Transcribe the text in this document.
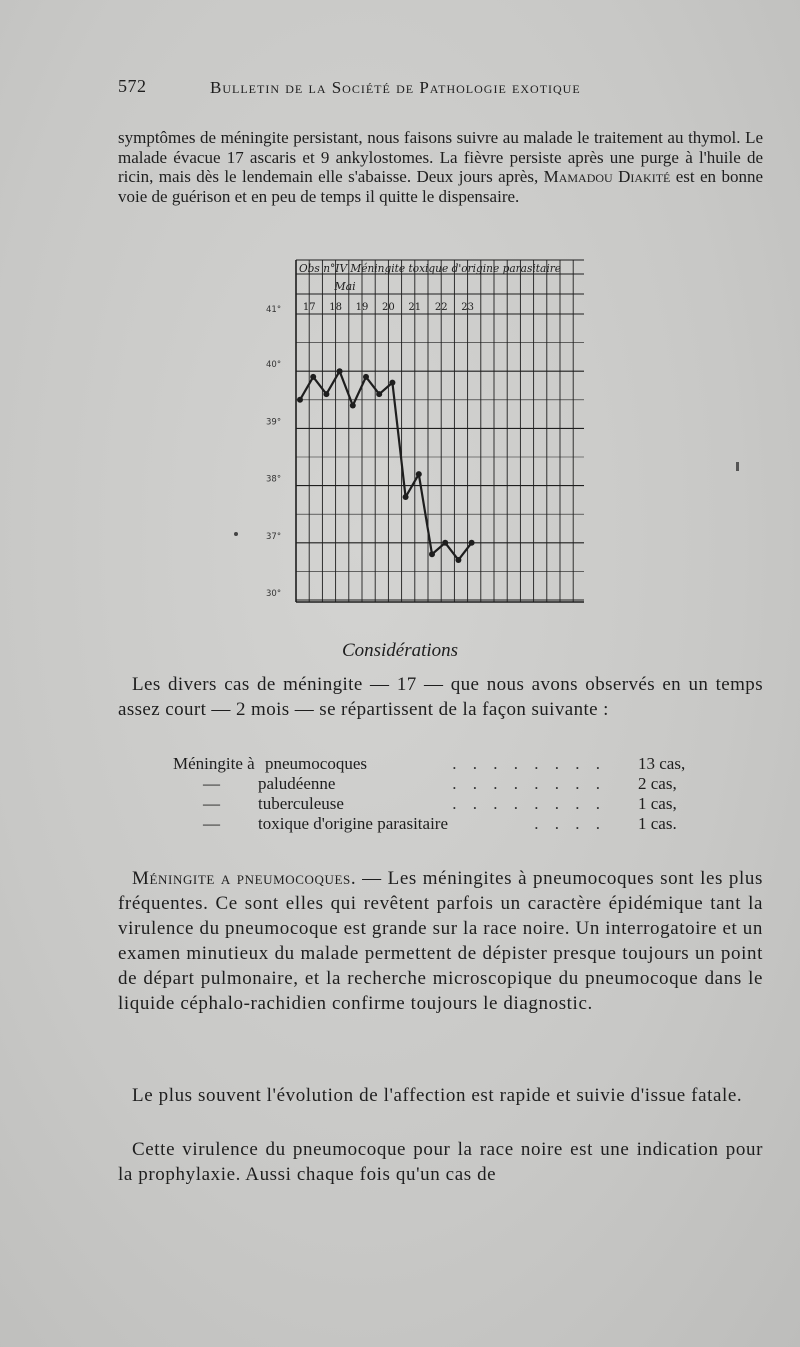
572	Bulletin de la Société de Pathologie exotique
symptômes de méningite persistant, nous faisons suivre au malade le traitement au thymol. Le malade évacue 17 ascaris et 9 ankylostomes. La fièvre persiste après une purge à l'huile de ricin, mais dès le lendemain elle s'abaisse. Deux jours après, Mamadou Diakité est en bonne voie de guérison et en peu de temps il quitte le dispensaire.
Obs n°IV Méningite toxique d'origine parasitaire
Mai
17 18 19 20 21 22 23
41°
40°
39°
38°
37°
30°
Considérations
Les divers cas de méningite — 17 — que nous avons observés en un temps assez court — 2 mois — se répartissent de la façon suivante :
Méningite à pneumocoques	. . . . . . . . 13 cas,
— paludéenne	. . . . . . . . 2 cas,
— tuberculeuse	. . . . . . . . 1 cas,
— toxique d'origine parasitaire	. . . . 1 cas.
Méningite a pneumocoques. — Les méningites à pneumocoques sont les plus fréquentes. Ce sont elles qui revêtent parfois un caractère épidémique tant la virulence du pneumocoque est grande sur la race noire. Un interrogatoire et un examen minutieux du malade permettent de dépister presque toujours un point de départ pulmonaire, et la recherche microscopique du pneumocoque dans le liquide céphalo-rachidien confirme toujours le diagnostic.
Le plus souvent l'évolution de l'affection est rapide et suivie d'issue fatale.
Cette virulence du pneumocoque pour la race noire est une indication pour la prophylaxie. Aussi chaque fois qu'un cas de
